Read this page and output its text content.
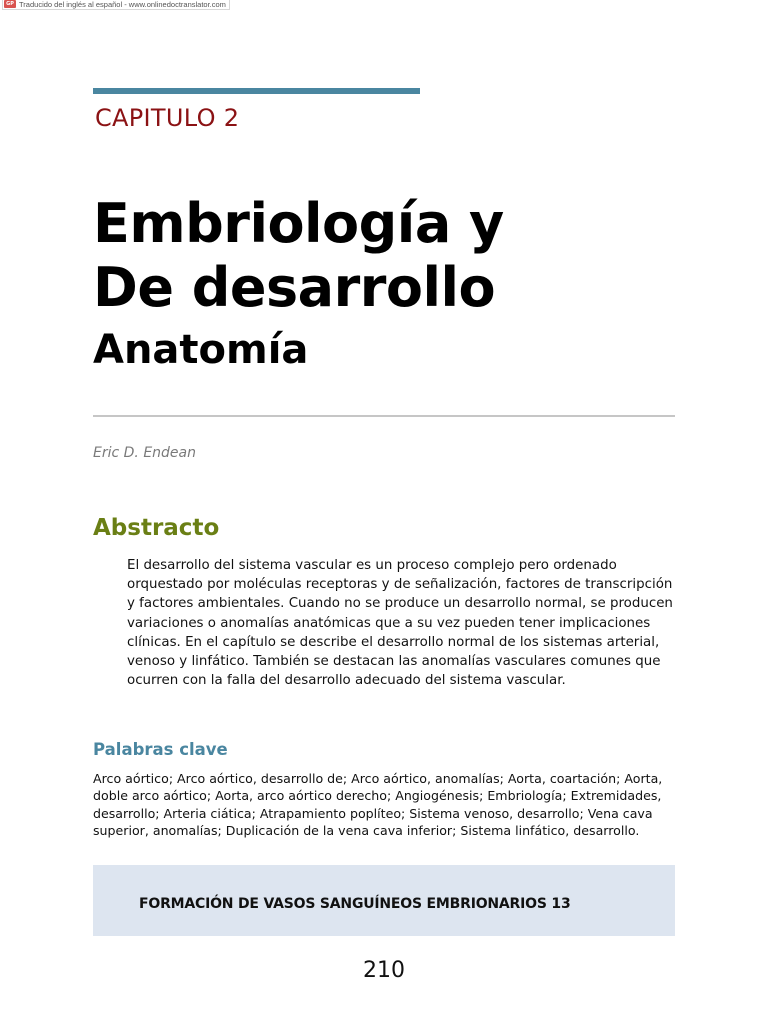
GP Traducido del inglés al español - www.onlinedoctranslator.com
CAPITULO 2
Embriología y
De desarrollo
Anatomía
Eric D. Endean
Abstracto

El desarrollo del sistema vascular es un proceso complejo pero ordenado orquestado por moléculas receptoras y de señalización, factores de transcripción y factores ambientales. Cuando no se produce un desarrollo normal, se producen variaciones o anomalías anatómicas que a su vez pueden tener implicaciones clínicas. En el capítulo se describe el desarrollo normal de los sistemas arterial, venoso y linfático. También se destacan las anomalías vasculares comunes que ocurren con la falla del desarrollo adecuado del sistema vascular.

Palabras clave

Arco aórtico; Arco aórtico, desarrollo de; Arco aórtico, anomalías; Aorta, coartación; Aorta, doble arco aórtico; Aorta, arco aórtico derecho; Angiogénesis; Embriología; Extremidades, desarrollo; Arteria ciática; Atrapamiento poplíteo; Sistema venoso, desarrollo; Vena cava superior, anomalías; Duplicación de la vena cava inferior; Sistema linfático, desarrollo.

FORMACIÓN DE VASOS SANGUÍNEOS EMBRIONARIOS 13
210
